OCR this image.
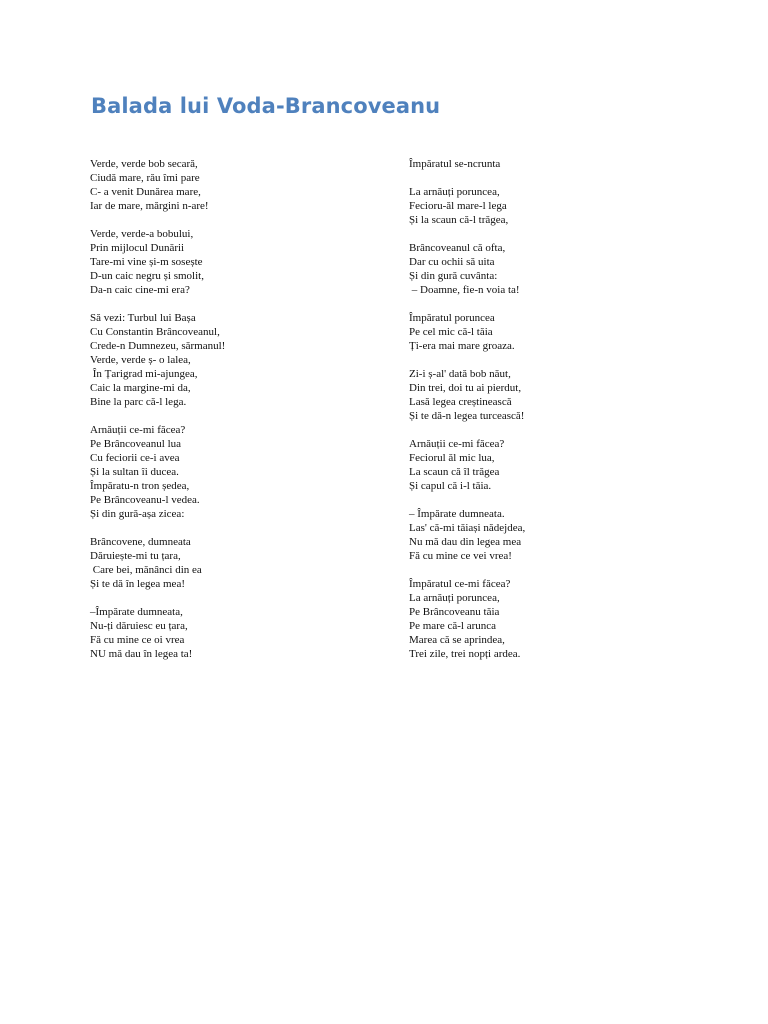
Balada lui Voda-Brancoveanu
Verde, verde bob secară,
Ciudă mare, rău îmi pare
C- a venit Dunărea mare,
Iar de mare, mărgini n-are!
Verde, verde-a bobului,
Prin mijlocul Dunării
Tare-mi vine și-m sosește
D-un caic negru și smolit,
Da-n caic cine-mi era?
Să vezi: Turbul lui Bașa
Cu Constantin Brâncoveanul,
Crede-n Dumnezeu, sărmanul!
Verde, verde ș- o lalea,
În Țarigrad mi-ajungea,
Caic la margine-mi da,
Bine la parc că-l lega.
Arnăuții ce-mi făcea?
Pe Brâncoveanul lua
Cu feciorii ce-i avea
Și la sultan îi ducea.
Împăratu-n tron ședea,
Pe Brâncoveanu-l vedea.
Și din gură-așa zicea:
Brâncovene, dumneata
Dăruiește-mi tu țara,
Care bei, mănânci din ea
Și te dă în legea mea!
–Împărate dumneata,
Nu-ți dăruiesc eu țara,
Fă cu mine ce oi vrea
NU mă dau în legea ta!
Împăratul se-ncrunta
La arnăuți poruncea,
Fecioru-ăl mare-l lega
Și la scaun că-l trăgea,
Brâncoveanul că ofta,
Dar cu ochii să uita
Și din gură cuvânta:
– Doamne, fie-n voia ta!
Împăratul poruncea
Pe cel mic că-l tăia
Ți-era mai mare groaza.
Zi-i ș-al' dată bob năut,
Din trei, doi tu ai pierdut,
Lasă legea creștinească
Și te dă-n legea turcească!
Arnăuții ce-mi făcea?
Feciorul ăl mic lua,
La scaun că îl trăgea
Și capul că i-l tăia.
– Împărate dumneata.
Las' că-mi tăiași nădejdea,
Nu mă dau din legea mea
Fă cu mine ce vei vrea!
Împăratul ce-mi făcea?
La arnăuți poruncea,
Pe Brâncoveanu tăia
Pe mare că-l arunca
Marea că se aprindea,
Trei zile, trei nopți ardea.
